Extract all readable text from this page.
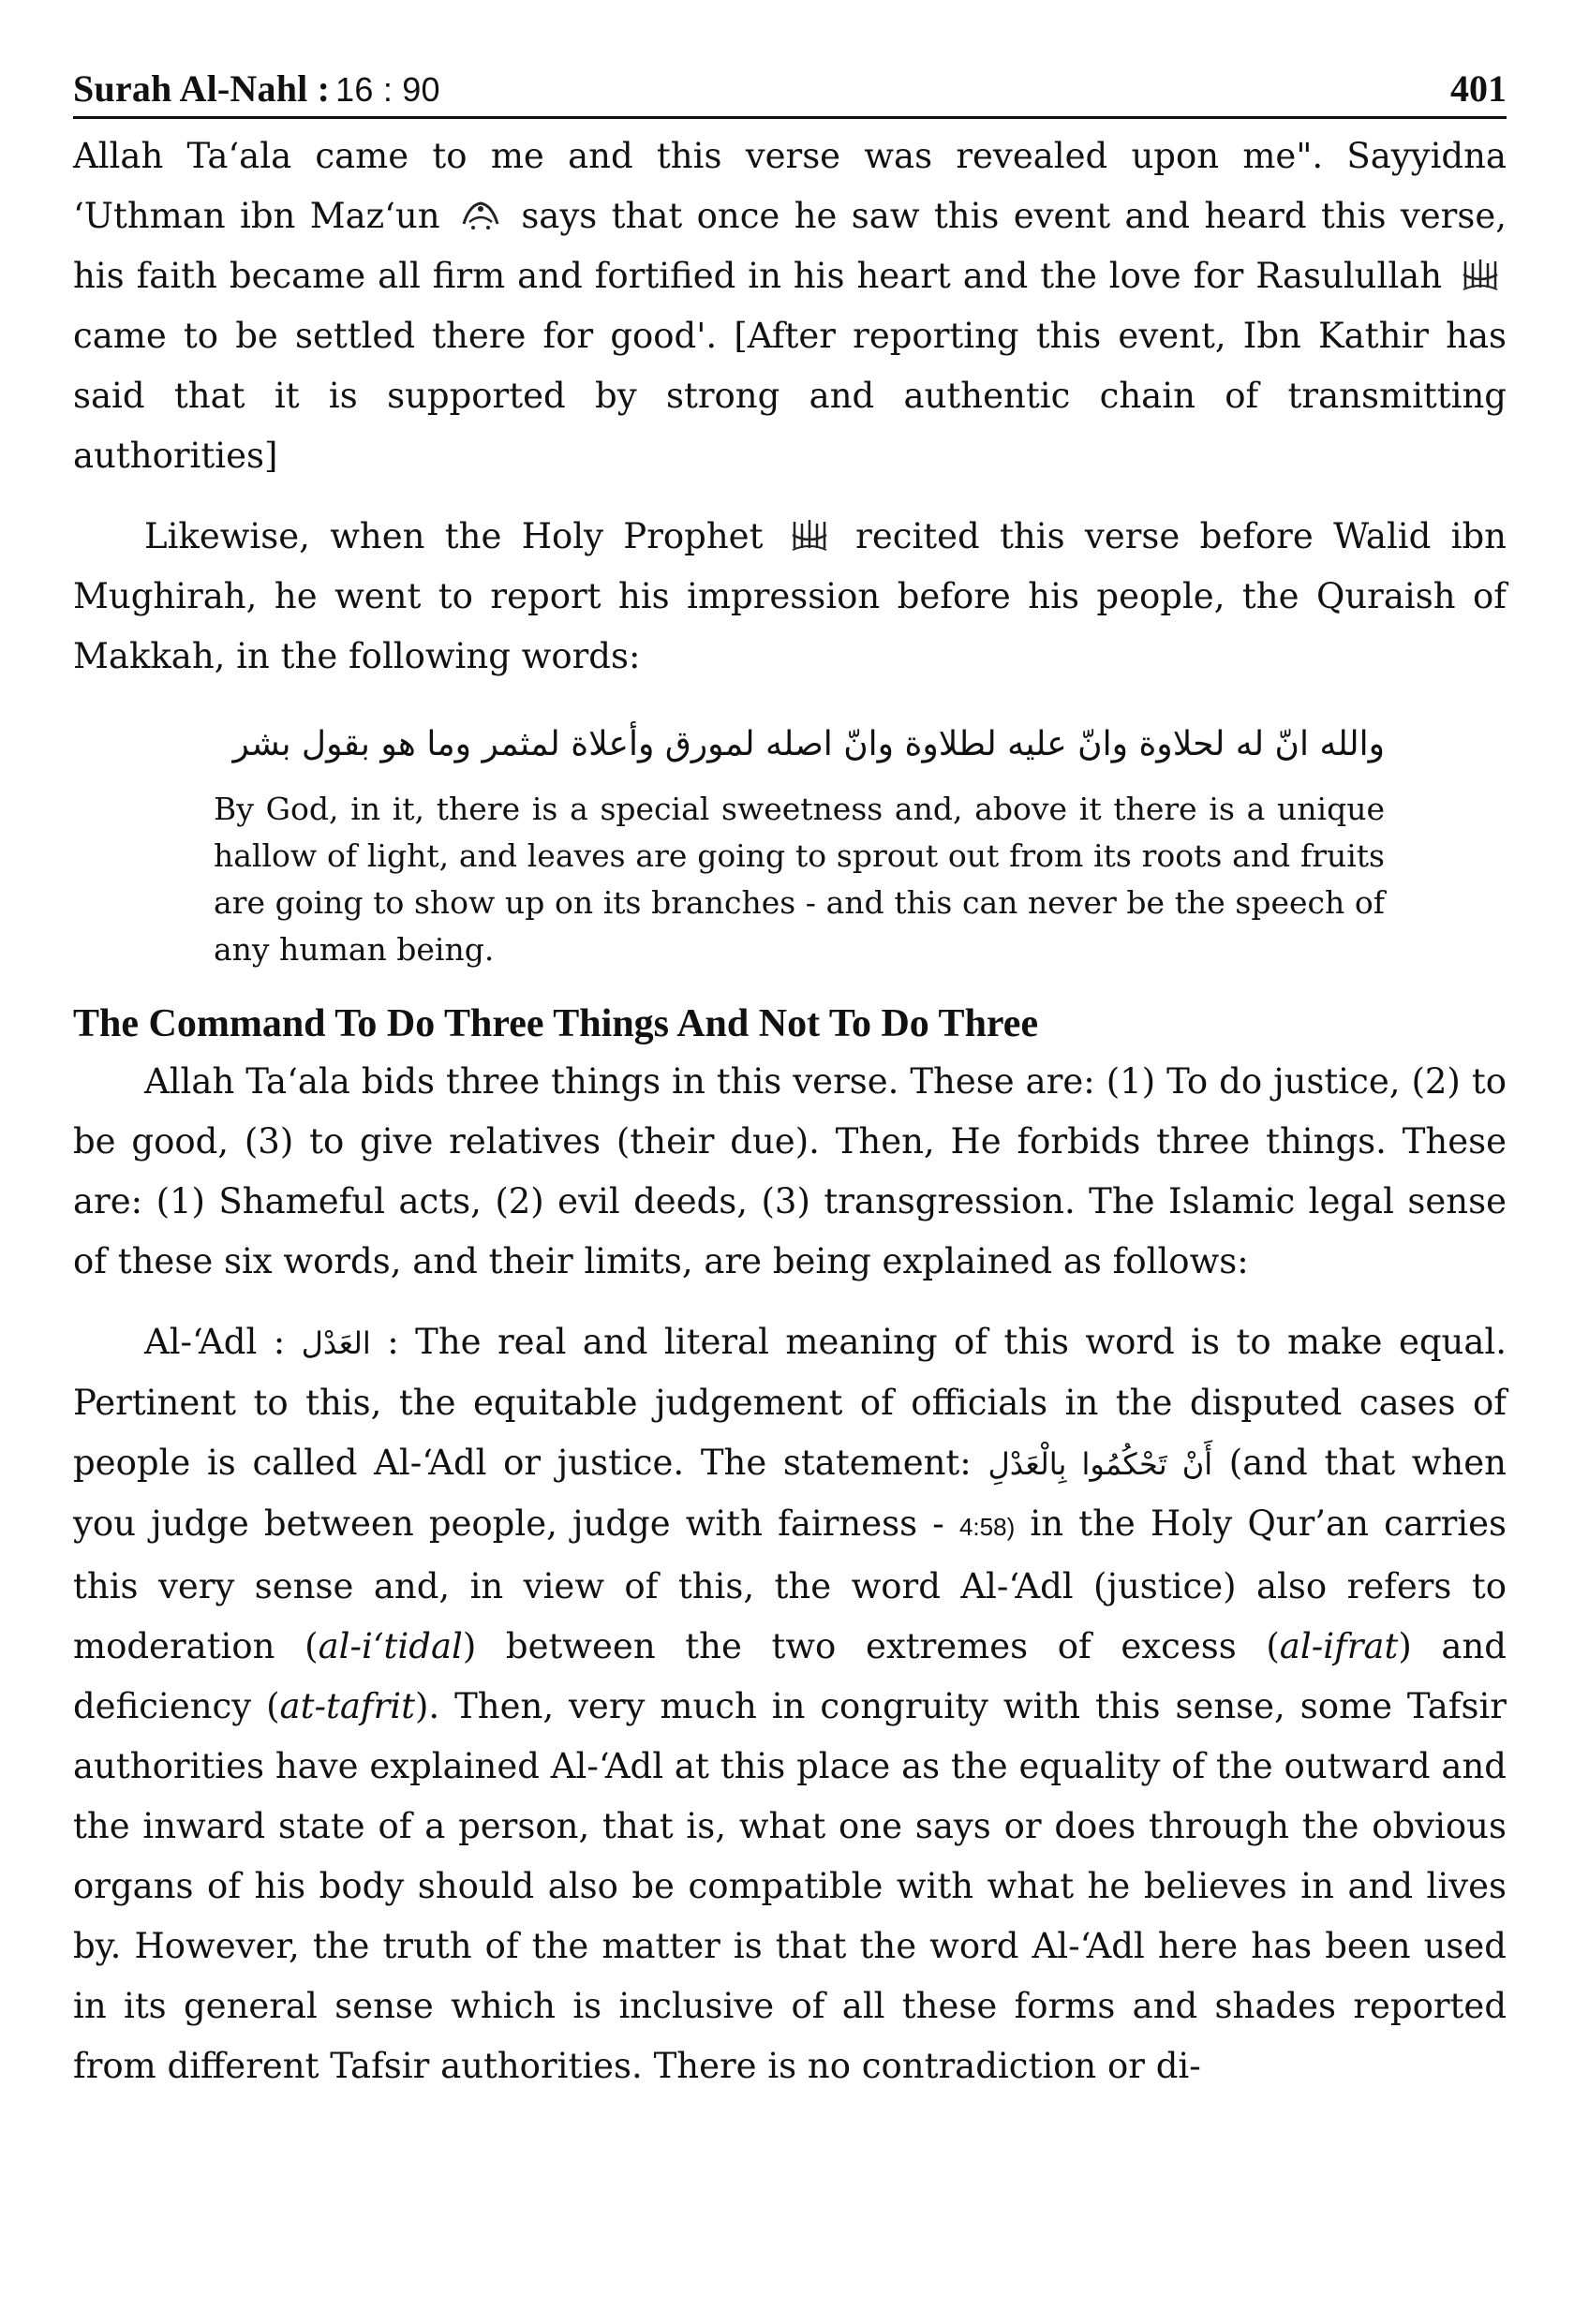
Surah Al-Nahl : 16 : 90	401

Allah Ta‘ala came to me and this verse was revealed upon me". Sayyidna ‘Uthman ibn Maz‘un says that once he saw this event and heard this verse, his faith became all firm and fortified in his heart and the love for Rasulullah  came to be settled there for good'. [After reporting this event, Ibn Kathir has said that it is supported by strong and authentic chain of transmitting authorities]

Likewise, when the Holy Prophet	recited this verse before Walid ibn Mughirah, he went to report his impression before his people, the Quraish of Makkah, in the following words:

والله انّ له لحلاوة وانّ عليه لطلاوة وانّ اصله لمورق وأعلاة لمثمر وما هو بقول بشر
By God, in it, there is a special sweetness and, above it there is a unique hallow of light, and leaves are going to sprout out from its roots and fruits are going to show up on its branches - and this can never be the speech of any human being.
The Command To Do Three Things And Not To Do Three

Allah Ta‘ala bids three things in this verse. These are: (1) To do justice, (2) to be good, (3) to give relatives (their due). Then, He forbids three things. These are: (1) Shameful acts, (2) evil deeds, (3) transgression. The Islamic legal sense of these six words, and their limits, are being explained as follows:

Al-‘Adl : العَدْل : The real and literal meaning of this word is to make equal. Pertinent to this, the equitable judgement of officials in the disputed cases of people is called Al-‘Adl or justice. The statement: أَنْ تَحْكُمُوا بِالْعَدْلِ (and that when you judge between people, judge with fairness - 4:58) in the Holy Qur’an carries this very sense and, in view of this, the word Al-‘Adl (justice) also refers to moderation (al-i‘tidal) between the two extremes of excess (al-ifrat) and deficiency (at-tafrit). Then, very much in congruity with this sense, some Tafsir authorities have explained Al-‘Adl at this place as the equality of the outward and the inward state of a person, that is, what one says or does through the obvious organs of his body should also be compatible with what he believes in and lives by. However, the truth of the matter is that the word Al-‘Adl here has been used in its general sense which is inclusive of all these forms and shades reported from different Tafsir authorities. There is no contradiction or di-
